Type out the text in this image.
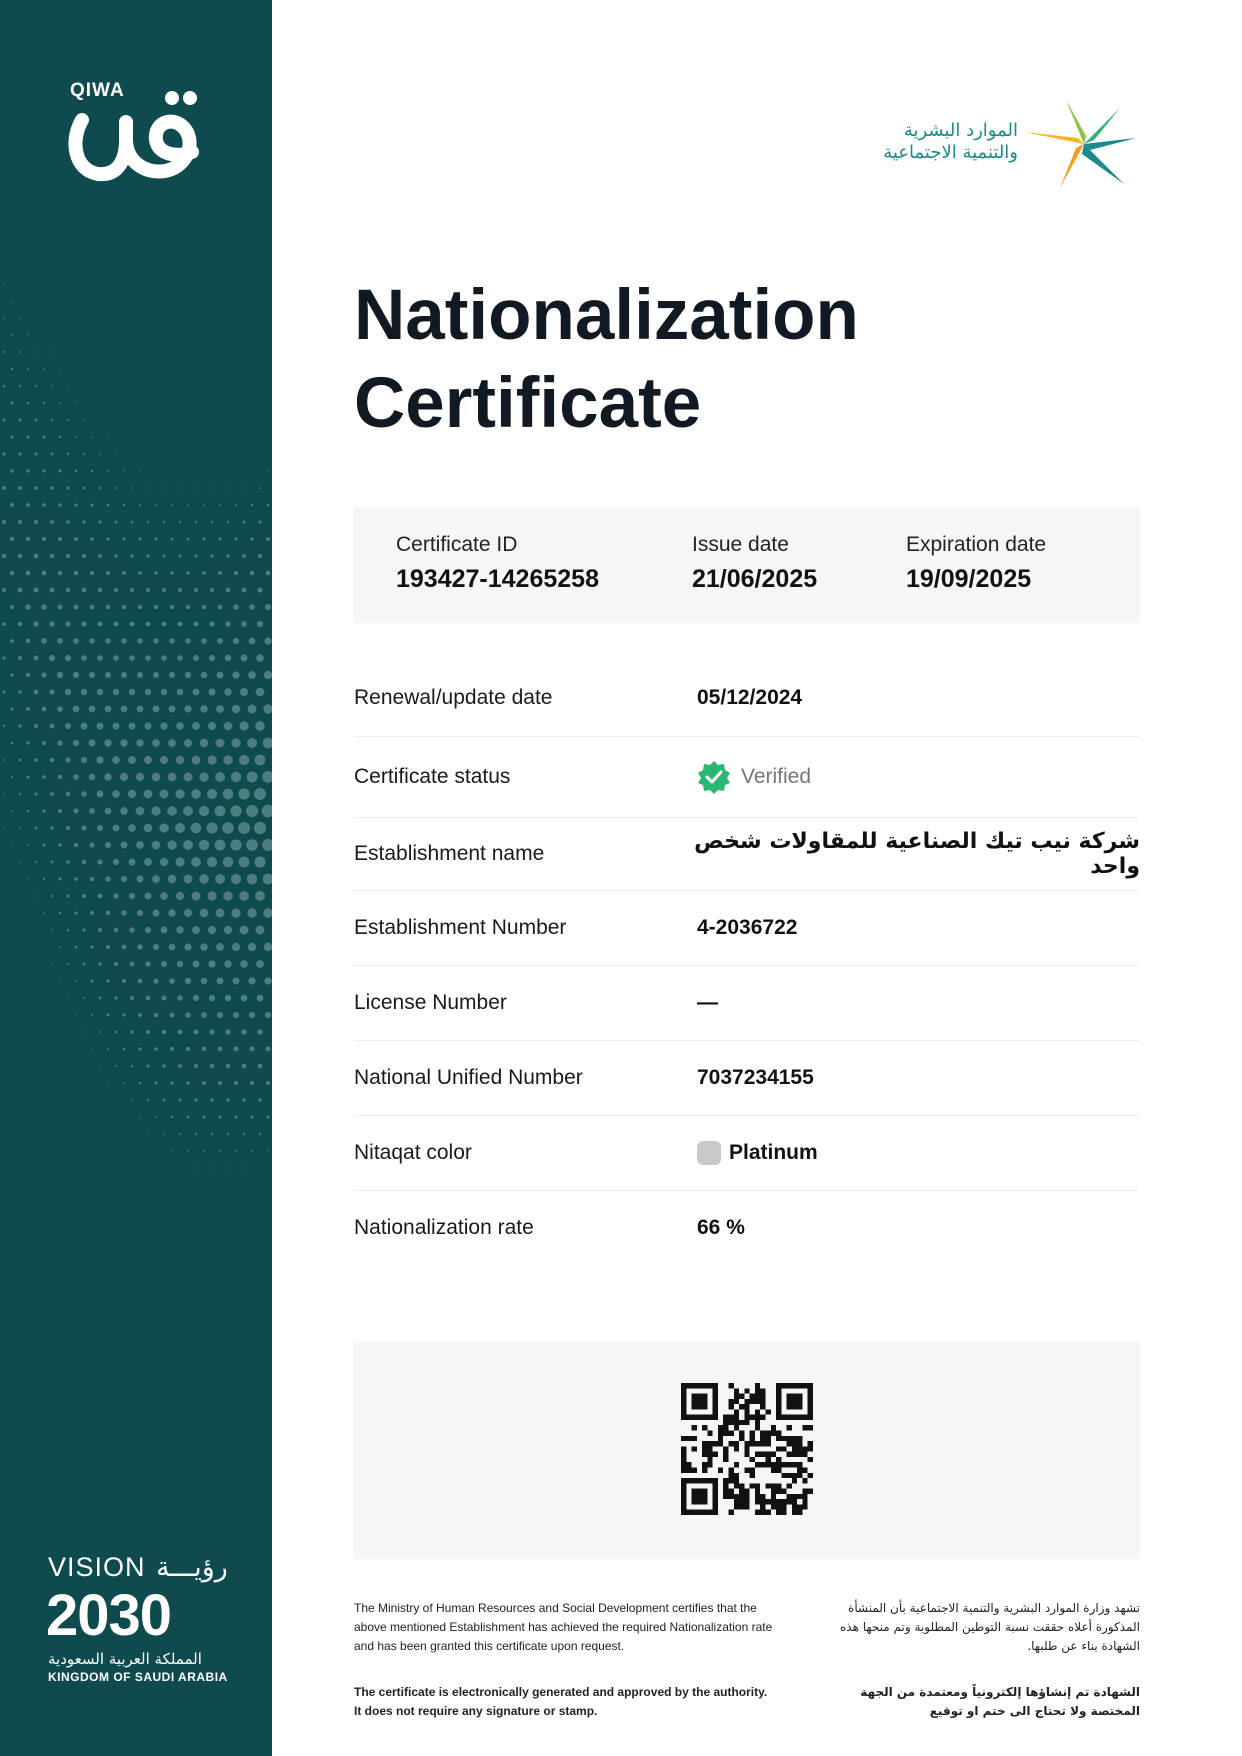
QIWA
VISION رؤيـــة
2030
المملكة العربية السعودية
KINGDOM OF SAUDI ARABIA
الموارد البشرية
والتنمية الاجتماعية
Nationalization
Certificate
Certificate ID
193427-14265258
Issue date
21/06/2025
Expiration date
19/09/2025
Renewal/update date	05/12/2024
Certificate status	Verified
Establishment name	شركة نيب تيك الصناعية للمقاولات شخص واحد
Establishment Number	4-2036722
License Number	—
National Unified Number	7037234155
Nitaqat color	Platinum
Nationalization rate	66 %
The Ministry of Human Resources and Social Development certifies that the above mentioned Establishment has achieved the required Nationalization rate and has been granted this certificate upon request.
تشهد وزارة الموارد البشرية والتنمية الاجتماعية بأن المنشأة المذكورة أعلاه حققت نسبة التوطين المطلوبة وتم منحها هذه الشهادة بناء عن طلبها.
The certificate is electronically generated and approved by the authority. It does not require any signature or stamp.
الشهادة تم إنشاؤها إلكترونياً ومعتمدة من الجهة المختصة ولا تحتاج الى ختم او توقيع
